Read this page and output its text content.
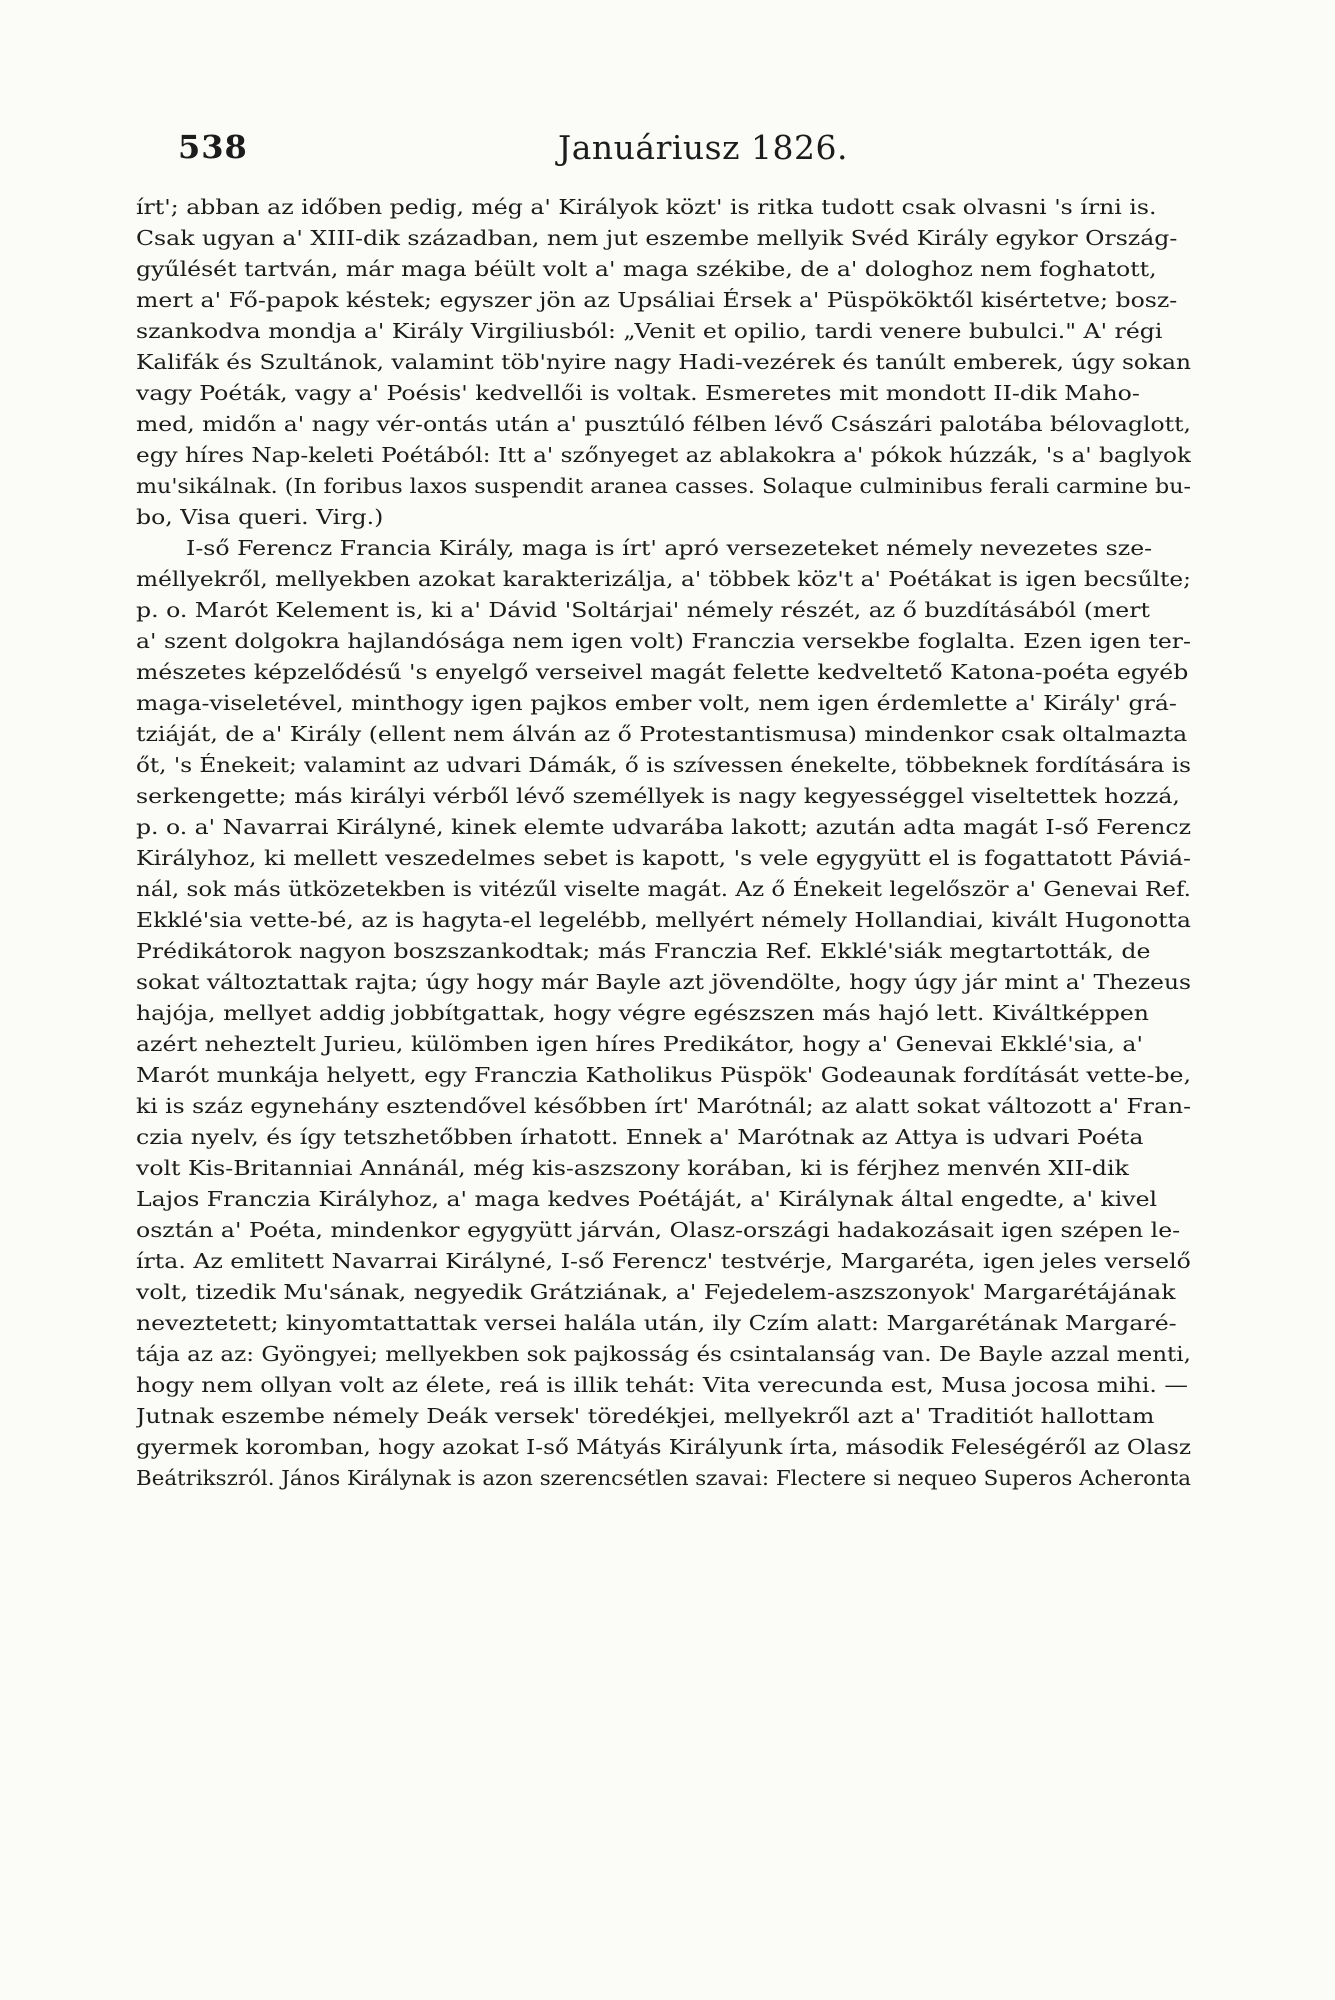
538	Januáriusz 1826.
írt'; abban az időben pedig, még a' Királyok közt' is ritka tudott csak olvasni 's írni is.
Csak ugyan a' XIII-dik században, nem jut eszembe mellyik Svéd Király egykor Ország-
gyűlését tartván, már maga béült volt a' maga székibe, de a' dologhoz nem foghatott,
mert a' Fő-papok késtek; egyszer jön az Upsáliai Érsek a' Püspököktől kisértetve; bosz-
szankodva mondja a' Király Virgiliusból: „Venit et opilio, tardi venere bubulci." A' régi
Kalifák és Szultánok, valamint töb'nyire nagy Hadi-vezérek és tanúlt emberek, úgy sokan
vagy Poéták, vagy a' Poésis' kedvellői is voltak. Esmeretes mit mondott II-dik Maho-
med, midőn a' nagy vér-ontás után a' pusztúló félben lévő Császári palotába bélovaglott,
egy híres Nap-keleti Poétából: Itt a' szőnyeget az ablakokra a' pókok húzzák, 's a' baglyok
mu'sikálnak. (In foribus laxos suspendit aranea casses. Solaque culminibus ferali carmine bu-
bo, Visa queri. Virg.)
I-ső Ferencz Francia Király, maga is írt' apró versezeteket némely nevezetes sze-
méllyekről, mellyekben azokat karakterizálja, a' többek köz't a' Poétákat is igen becsűlte;
p. o. Marót Kelement is, ki a' Dávid 'Soltárjai' némely részét, az ő buzdításából (mert
a' szent dolgokra hajlandósága nem igen volt) Franczia versekbe foglalta. Ezen igen ter-
mészetes képzelődésű 's enyelgő verseivel magát felette kedveltető Katona-poéta egyéb
maga-viseletével, minthogy igen pajkos ember volt, nem igen érdemlette a' Király' grá-
tziáját, de a' Király (ellent nem álván az ő Protestantismusa) mindenkor csak oltalmazta
őt, 's Énekeit; valamint az udvari Dámák, ő is szívessen énekelte, többeknek fordítására is
serkengette; más királyi vérből lévő személlyek is nagy kegyességgel viseltettek hozzá,
p. o. a' Navarrai Királyné, kinek elemte udvarába lakott; azután adta magát I-ső Ferencz
Királyhoz, ki mellett veszedelmes sebet is kapott, 's vele egygyütt el is fogattatott Páviá-
nál, sok más ütközetekben is vitézűl viselte magát. Az ő Énekeit legelőször a' Genevai Ref.
Ekklé'sia vette-bé, az is hagyta-el legelébb, mellyért némely Hollandiai, kivált Hugonotta
Prédikátorok nagyon boszszankodtak; más Franczia Ref. Ekklé'siák megtartották, de
sokat változtattak rajta; úgy hogy már Bayle azt jövendölte, hogy úgy jár mint a' Thezeus
hajója, mellyet addig jobbítgattak, hogy végre egészszen más hajó lett. Kiváltképpen
azért neheztelt Jurieu, külömben igen híres Predikátor, hogy a' Genevai Ekklé'sia, a'
Marót munkája helyett, egy Franczia Katholikus Püspök' Godeaunak fordítását vette-be,
ki is száz egynehány esztendővel későbben írt' Marótnál; az alatt sokat változott a' Fran-
czia nyelv, és így tetszhetőbben írhatott. Ennek a' Marótnak az Attya is udvari Poéta
volt Kis-Britanniai Annánál, még kis-aszszony korában, ki is férjhez menvén XII-dik
Lajos Franczia Királyhoz, a' maga kedves Poétáját, a' Királynak által engedte, a' kivel
osztán a' Poéta, mindenkor egygyütt járván, Olasz-országi hadakozásait igen szépen le-
írta. Az emlitett Navarrai Királyné, I-ső Ferencz' testvérje, Margaréta, igen jeles verselő
volt, tizedik Mu'sának, negyedik Grátziának, a' Fejedelem-aszszonyok' Margarétájának
neveztetett; kinyomtattattak versei halála után, ily Czím alatt: Margarétának Margaré-
tája az az: Gyöngyei; mellyekben sok pajkosság és csintalanság van. De Bayle azzal menti,
hogy nem ollyan volt az élete, reá is illik tehát: Vita verecunda est, Musa jocosa mihi. —
Jutnak eszembe némely Deák versek' töredékjei, mellyekről azt a' Traditiót hallottam
gyermek koromban, hogy azokat I-ső Mátyás Királyunk írta, második Feleségéről az Olasz
Beátrikszról. János Királynak is azon szerencsétlen szavai: Flectere si nequeo Superos Acheronta
